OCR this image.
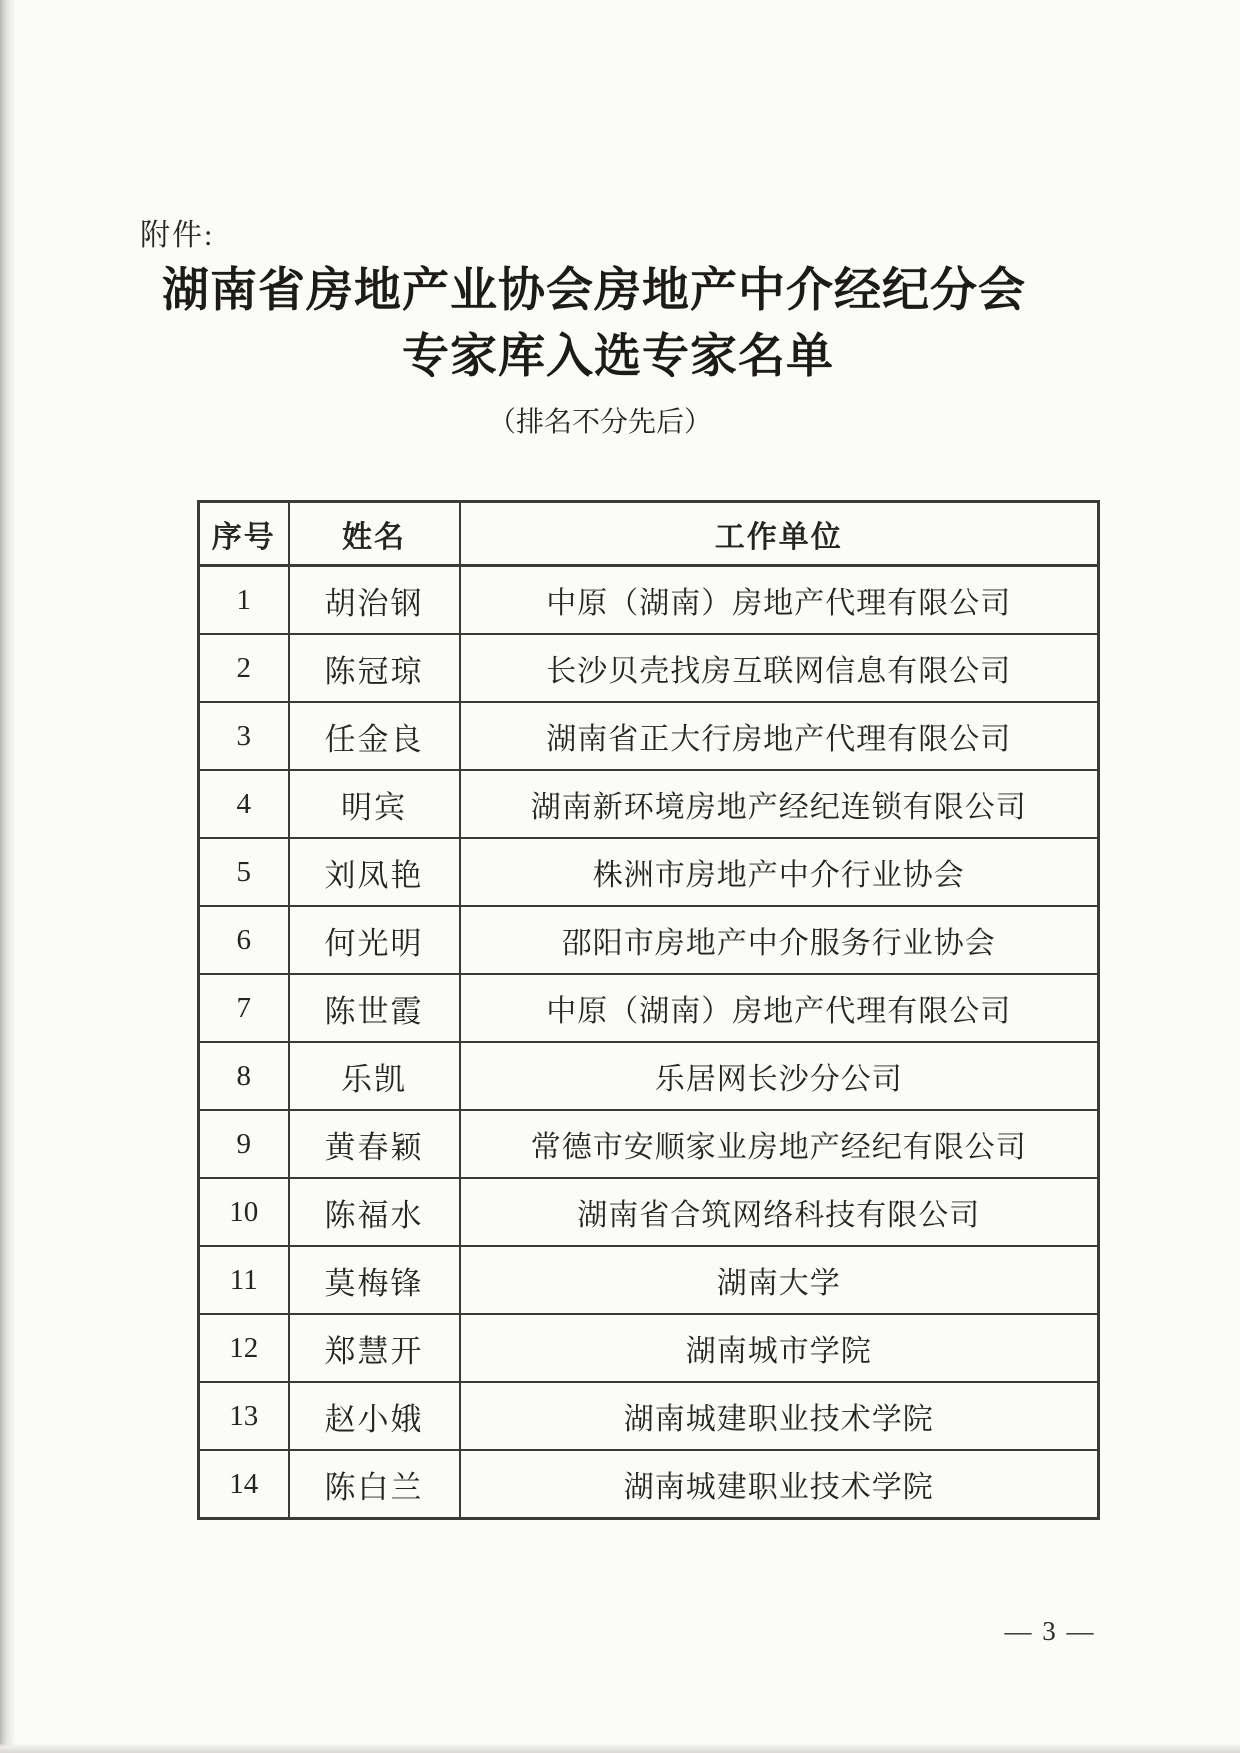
附件:
湖南省房地产业协会房地产中介经纪分会
专家库入选专家名单
（排名不分先后）
序号	姓名	工作单位
1	胡治钢	中原（湖南）房地产代理有限公司
2	陈冠琼	长沙贝壳找房互联网信息有限公司
3	任金良	湖南省正大行房地产代理有限公司
4	明宾	湖南新环境房地产经纪连锁有限公司
5	刘凤艳	株洲市房地产中介行业协会
6	何光明	邵阳市房地产中介服务行业协会
7	陈世霞	中原（湖南）房地产代理有限公司
8	乐凯	乐居网长沙分公司
9	黄春颖	常德市安顺家业房地产经纪有限公司
10	陈福水	湖南省合筑网络科技有限公司
11	莫梅锋	湖南大学
12	郑慧开	湖南城市学院
13	赵小娥	湖南城建职业技术学院
14	陈白兰	湖南城建职业技术学院
— 3 —
